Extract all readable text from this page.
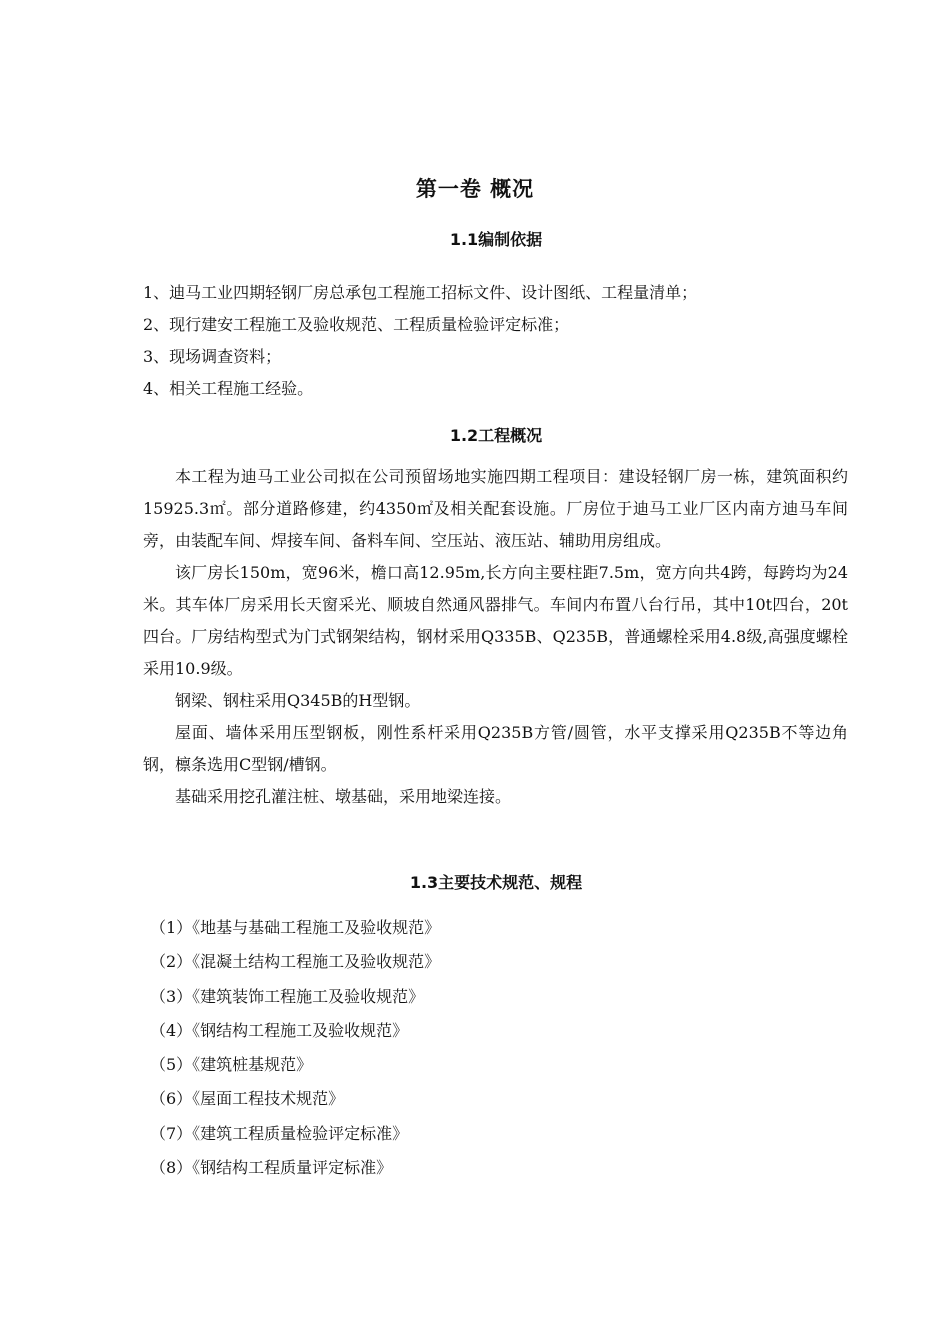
第一卷 概况
1.1编制依据
1、迪马工业四期轻钢厂房总承包工程施工招标文件、设计图纸、工程量清单；
2、现行建安工程施工及验收规范、工程质量检验评定标准；
3、现场调查资料；
4、相关工程施工经验。
1.2工程概况

本工程为迪马工业公司拟在公司预留场地实施四期工程项目：建设轻钢厂房一栋，建筑面积约15925.3㎡。部分道路修建，约4350㎡及相关配套设施。厂房位于迪马工业厂区内南方迪马车间旁，由装配车间、焊接车间、备料车间、空压站、液压站、辅助用房组成。

该厂房长150m，宽96米，檐口高12.95m,长方向主要柱距7.5m，宽方向共4跨，每跨均为24米。其车体厂房采用长天窗采光、顺坡自然通风器排气。车间内布置八台行吊，其中10t四台，20t四台。厂房结构型式为门式钢架结构，钢材采用Q335B、Q235B，普通螺栓采用4.8级,高强度螺栓采用10.9级。

钢梁、钢柱采用Q345B的H型钢。

屋面、墙体采用压型钢板，刚性系杆采用Q235B方管/圆管，水平支撑采用Q235B不等边角钢，檩条选用C型钢/槽钢。

基础采用挖孔灌注桩、墩基础，采用地梁连接。

1.3主要技术规范、规程
（1）《地基与基础工程施工及验收规范》
（2）《混凝土结构工程施工及验收规范》
（3）《建筑装饰工程施工及验收规范》
（4）《钢结构工程施工及验收规范》
（5）《建筑桩基规范》
（6）《屋面工程技术规范》
（7）《建筑工程质量检验评定标准》
（8）《钢结构工程质量评定标准》
